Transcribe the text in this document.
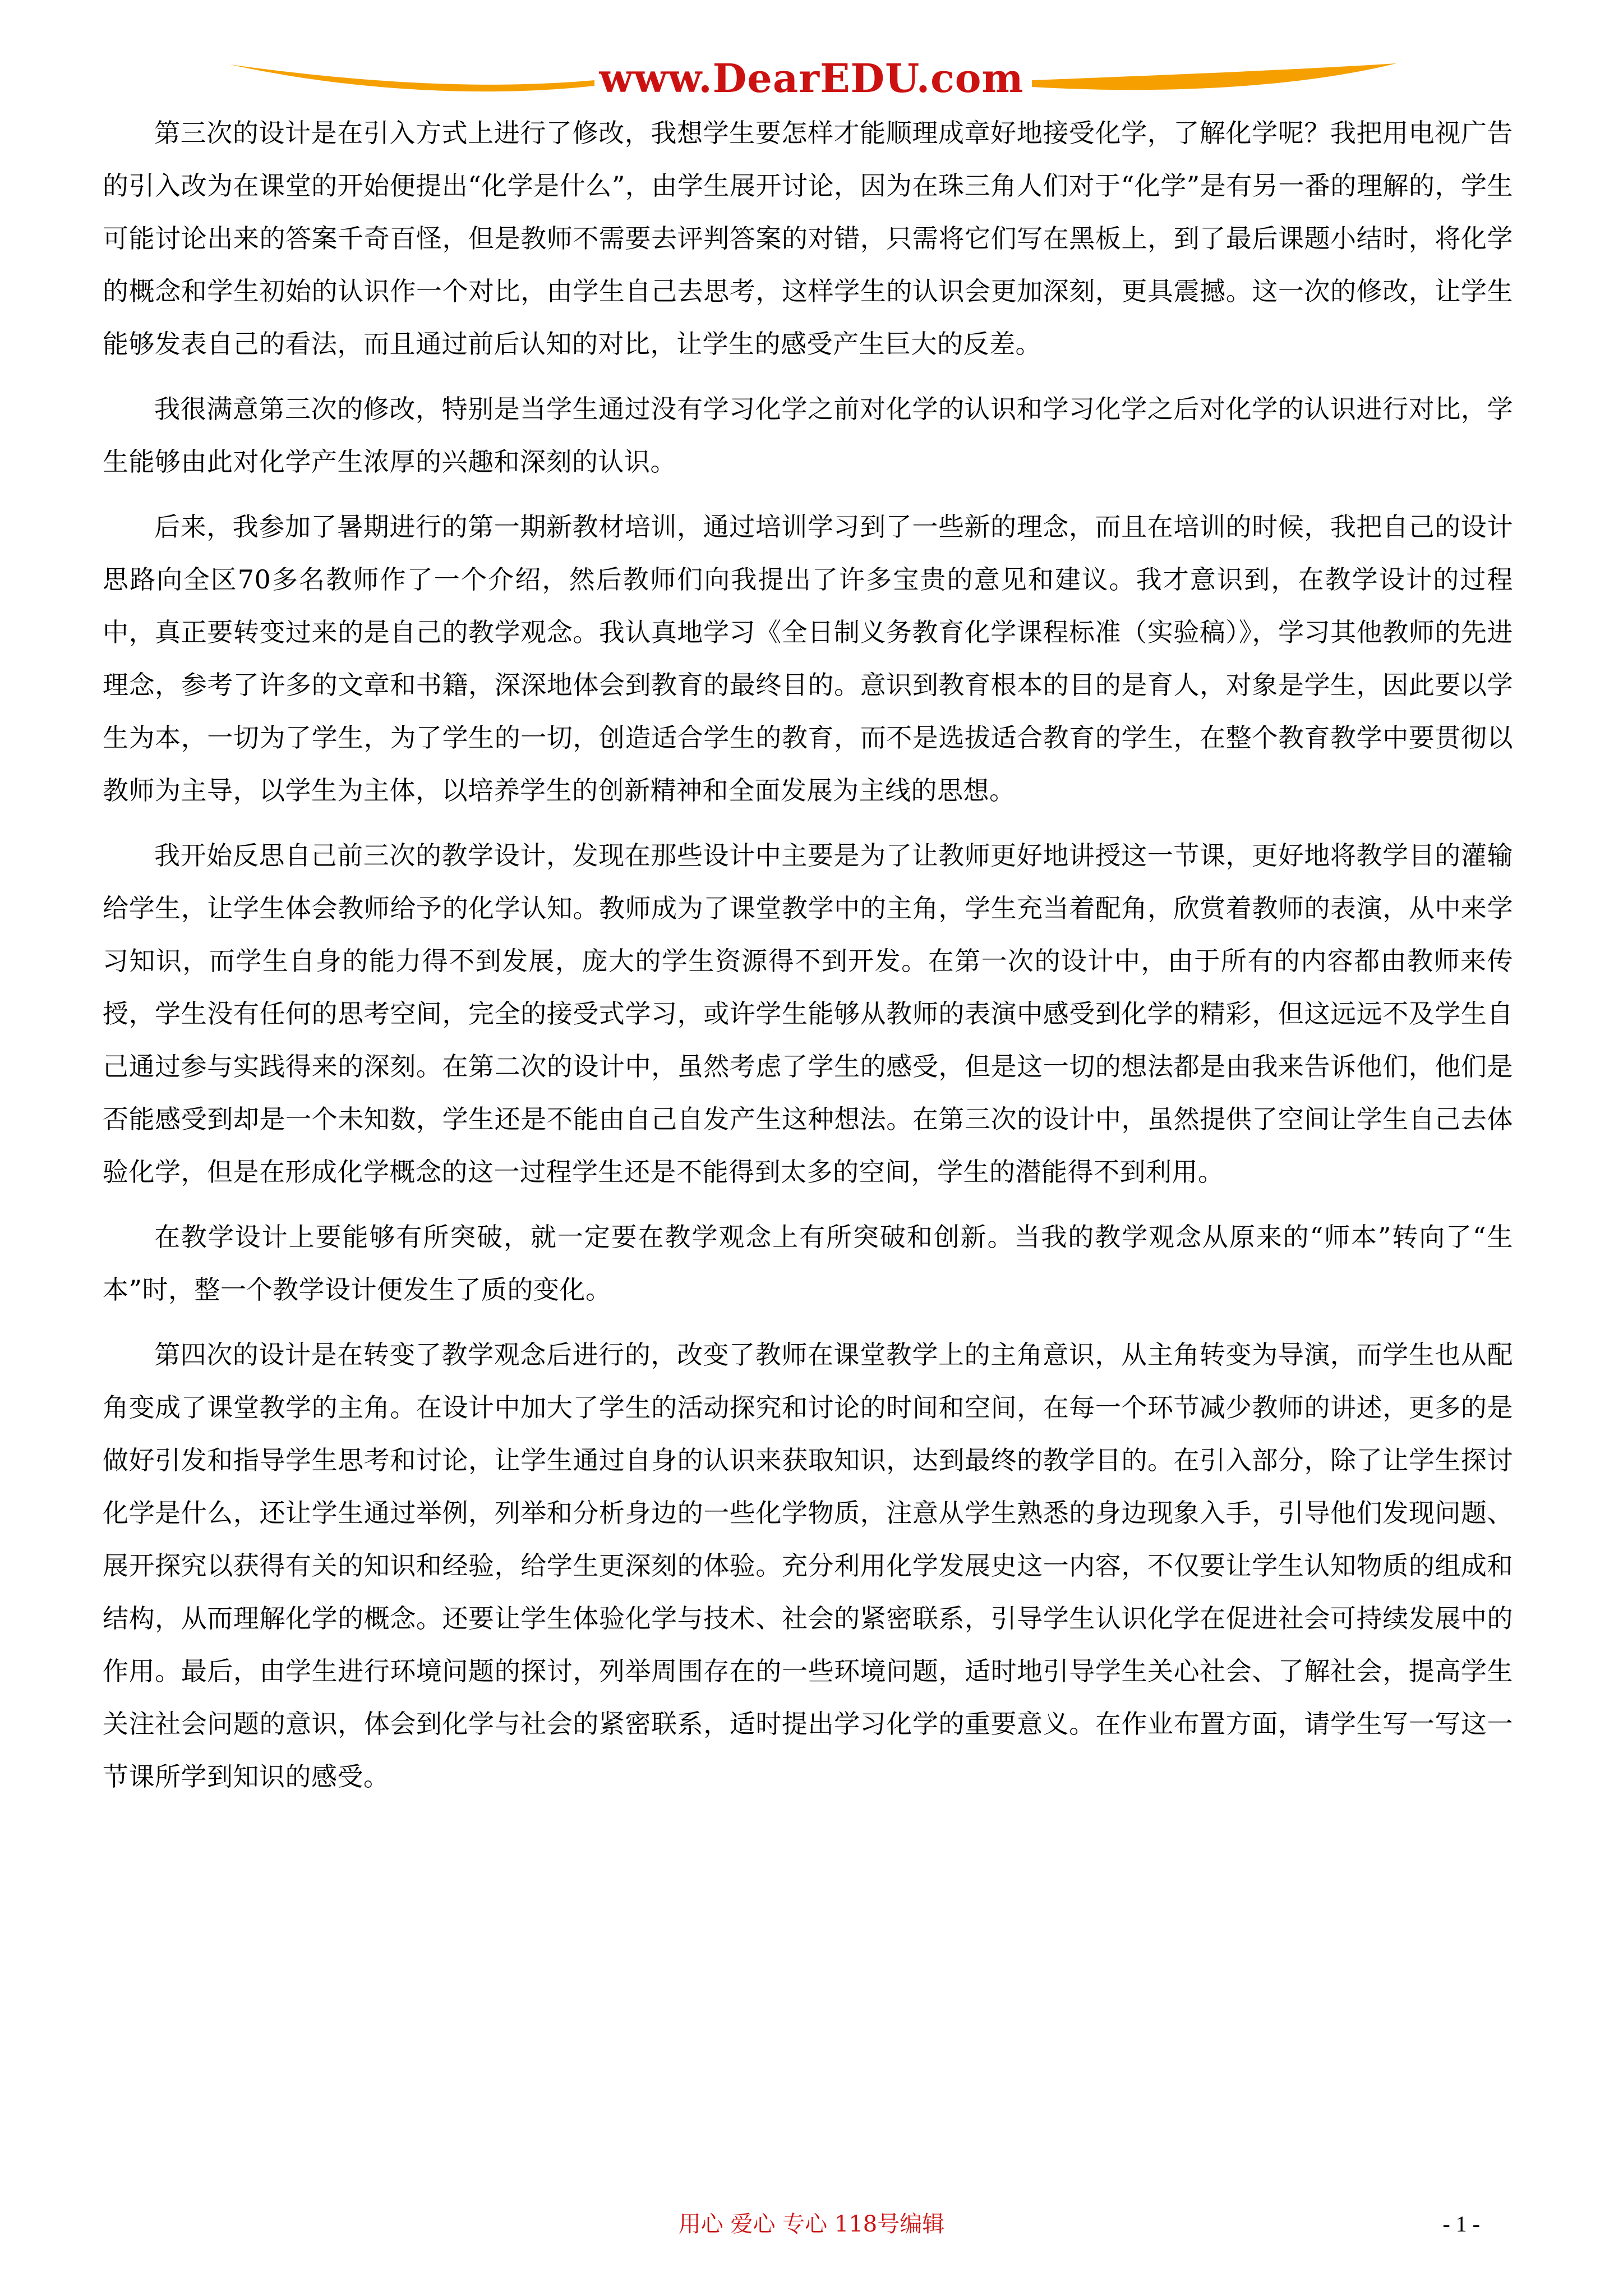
www.DearEDU.com

第三次的设计是在引入方式上进行了修改，我想学生要怎样才能顺理成章好地接受化学，了解化学呢？我把用电视广告的引入改为在课堂的开始便提出“化学是什么”，由学生展开讨论，因为在珠三角人们对于“化学”是有另一番的理解的，学生可能讨论出来的答案千奇百怪，但是教师不需要去评判答案的对错，只需将它们写在黑板上，到了最后课题小结时，将化学的概念和学生初始的认识作一个对比，由学生自己去思考，这样学生的认识会更加深刻，更具震撼。这一次的修改，让学生能够发表自己的看法，而且通过前后认知的对比，让学生的感受产生巨大的反差。

我很满意第三次的修改，特别是当学生通过没有学习化学之前对化学的认识和学习化学之后对化学的认识进行对比，学生能够由此对化学产生浓厚的兴趣和深刻的认识。

后来，我参加了暑期进行的第一期新教材培训，通过培训学习到了一些新的理念，而且在培训的时候，我把自己的设计思路向全区70多名教师作了一个介绍，然后教师们向我提出了许多宝贵的意见和建议。我才意识到，在教学设计的过程中，真正要转变过来的是自己的教学观念。我认真地学习《全日制义务教育化学课程标准（实验稿）》，学习其他教师的先进理念，参考了许多的文章和书籍，深深地体会到教育的最终目的。意识到教育根本的目的是育人，对象是学生，因此要以学生为本，一切为了学生，为了学生的一切，创造适合学生的教育，而不是选拔适合教育的学生，在整个教育教学中要贯彻以教师为主导，以学生为主体，以培养学生的创新精神和全面发展为主线的思想。

我开始反思自己前三次的教学设计，发现在那些设计中主要是为了让教师更好地讲授这一节课，更好地将教学目的灌输给学生，让学生体会教师给予的化学认知。教师成为了课堂教学中的主角，学生充当着配角，欣赏着教师的表演，从中来学习知识，而学生自身的能力得不到发展，庞大的学生资源得不到开发。在第一次的设计中，由于所有的内容都由教师来传授，学生没有任何的思考空间，完全的接受式学习，或许学生能够从教师的表演中感受到化学的精彩，但这远远不及学生自己通过参与实践得来的深刻。在第二次的设计中，虽然考虑了学生的感受，但是这一切的想法都是由我来告诉他们，他们是否能感受到却是一个未知数，学生还是不能由自己自发产生这种想法。在第三次的设计中，虽然提供了空间让学生自己去体验化学，但是在形成化学概念的这一过程学生还是不能得到太多的空间，学生的潜能得不到利用。

在教学设计上要能够有所突破，就一定要在教学观念上有所突破和创新。当我的教学观念从原来的“师本”转向了“生本”时，整一个教学设计便发生了质的变化。

第四次的设计是在转变了教学观念后进行的，改变了教师在课堂教学上的主角意识，从主角转变为导演，而学生也从配角变成了课堂教学的主角。在设计中加大了学生的活动探究和讨论的时间和空间，在每一个环节减少教师的讲述，更多的是做好引发和指导学生思考和讨论，让学生通过自身的认识来获取知识，达到最终的教学目的。在引入部分，除了让学生探讨化学是什么，还让学生通过举例，列举和分析身边的一些化学物质，注意从学生熟悉的身边现象入手，引导他们发现问题、展开探究以获得有关的知识和经验，给学生更深刻的体验。充分利用化学发展史这一内容，不仅要让学生认知物质的组成和结构，从而理解化学的概念。还要让学生体验化学与技术、社会的紧密联系，引导学生认识化学在促进社会可持续发展中的作用。最后，由学生进行环境问题的探讨，列举周围存在的一些环境问题，适时地引导学生关心社会、了解社会，提高学生关注社会问题的意识，体会到化学与社会的紧密联系，适时提出学习化学的重要意义。在作业布置方面，请学生写一写这一节课所学到知识的感受。

用心 爱心 专心 118号编辑	- 1 -
